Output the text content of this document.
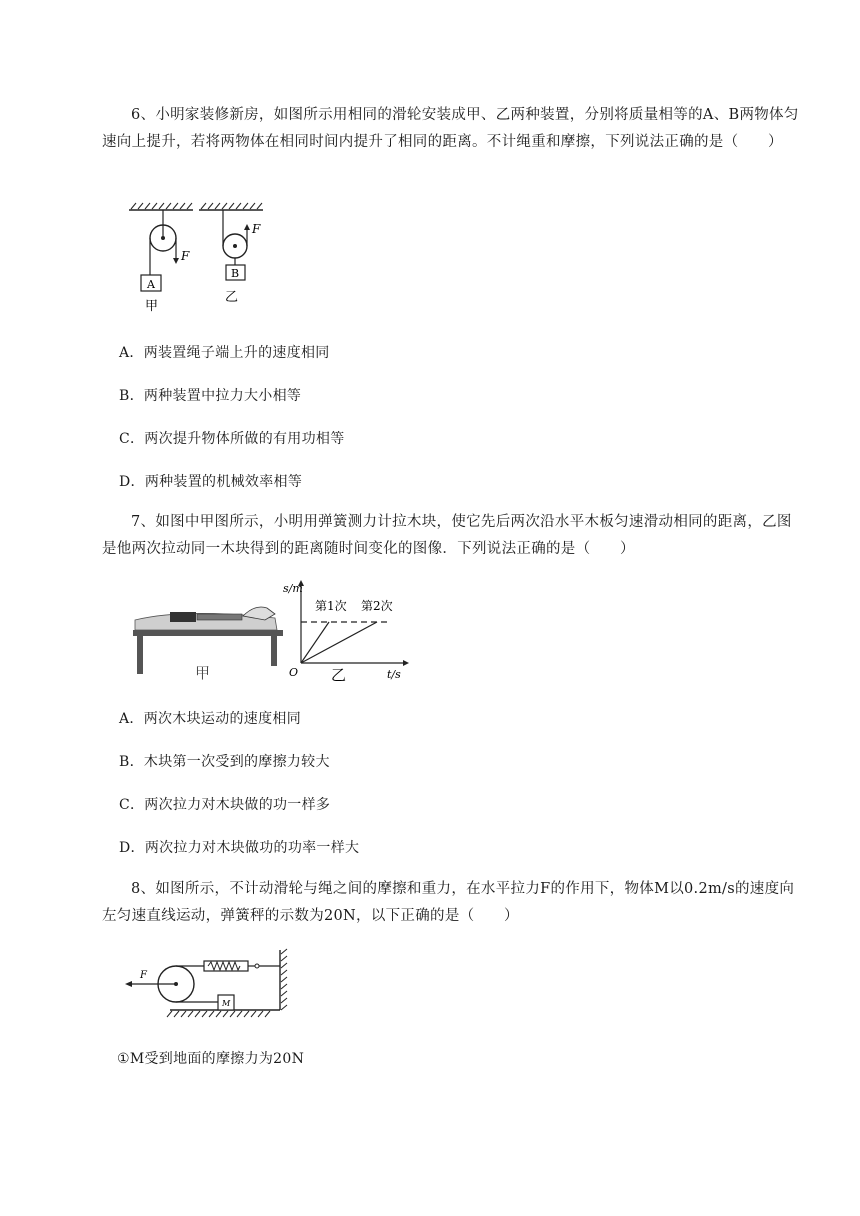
6、小明家装修新房，如图所示用相同的滑轮安装成甲、乙两种装置，分别将质量相等的A、B两物体匀速向上提升，若将两物体在相同时间内提升了相同的距离。不计绳重和摩擦，下列说法正确的是（　　）

F
A
甲
F
B
乙

A．两装置绳子端上升的速度相同

B．两种装置中拉力大小相等

C．两次提升物体所做的有用功相等

D．两种装置的机械效率相等

7、如图中甲图所示，小明用弹簧测力计拉木块，使它先后两次沿水平木板匀速滑动相同的距离，乙图是他两次拉动同一木块得到的距离随时间变化的图像．下列说法正确的是（　　）

甲
s/m
t/s
O
第1次 第2次
乙

A．两次木块运动的速度相同

B．木块第一次受到的摩擦力较大

C．两次拉力对木块做的功一样多

D．两次拉力对木块做功的功率一样大

8、如图所示，不计动滑轮与绳之间的摩擦和重力，在水平拉力F的作用下，物体M以0.2m/s的速度向左匀速直线运动，弹簧秤的示数为20N，以下正确的是（　　）

F
M

①M受到地面的摩擦力为20N
